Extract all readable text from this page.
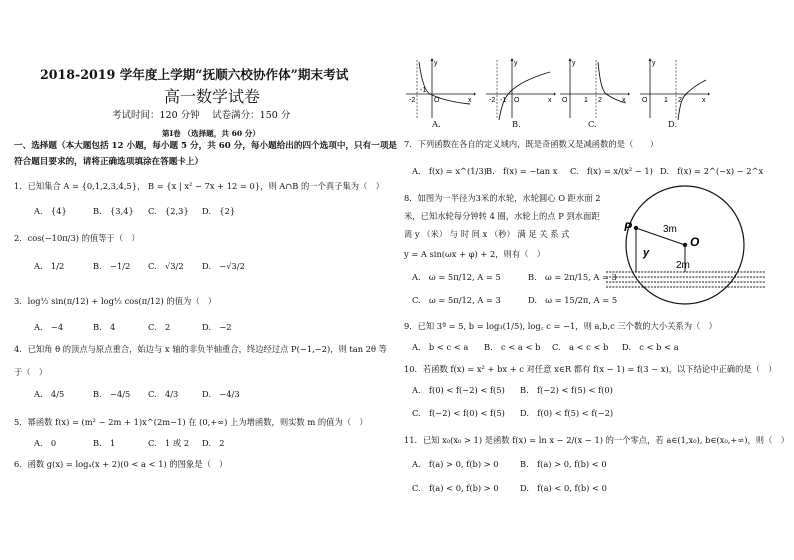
2018-2019 学年度上学期“抚顺六校协作体”期末考试
高一数学试卷
考试时间：120 分钟　 试卷满分：150 分
第Ⅰ卷 （选择题，共 60 分）
一、选择题（本大题包括 12 小题，每小题 5 分，共 60 分，每小题给出的四个选项中，只有一项是
符合题目要求的，请将正确选项填涂在答题卡上）
1．已知集合 A = {0,1,2,3,4,5}， B = {x | x² − 7x + 12 = 0}，则 A∩B 的一个真子集为（　）
A.　{4}	B.　{3,4} C.　{2,3} D.　{2}
2．cos(−10π/3) 的值等于（　）
A.　1/2	B.　−1/2 C.　√3/2 D.　−√3/2
3．log½ sin(π/12) + log½ cos(π/12) 的值为（　）
A.　−4	B.　4	C.　2	D.　−2
4．已知角 θ 的顶点与原点重合，始边与 x 轴的非负半轴重合，终边经过点 P(−1,−2)，则 tan 2θ 等
于（　）
A.　4/5	B.　−4/5 C.　4/3	D.　−4/3
5．幂函数 f(x) = (m² − 2m + 1)x^(2m−1) 在 (0,+∞) 上为增函数，则实数 m 的值为（　）
A.　0	B.　1	C.　1 或 2 D.　2
6．函数 g(x) = logₐ(x + 2)(0 < a < 1) 的图象是（　）
y
-2
-1
O	x
A.
y
-2 -1 O	x
B.
y
O 1 2	x
C.
y
O 1 2	x
D.
7．下列函数在各自的定义域内，既是奇函数又是减函数的是（　　）
A.　f(x) = x^(1/3) B.　f(x) = −tan x C.　f(x) = x/(x² − 1) D.　f(x) = 2^(−x) − 2^x
8．如图为一半径为3米的水轮，水轮圆心 O 距水面 2
米，已知水轮每分钟转 4 圈，水轮上的点 P 到水面距
离 y （米） 与 时 间 x （秒） 满 足 关 系 式
y = A sin(ωx + φ) + 2，则有（　）
A.　ω = 5π/12, A = 5	B.　ω = 2π/15, A = 3
C.　ω = 5π/12, A = 3	D.　ω = 15/2π, A = 5
P
O
3m
y
2m
9．已知 3ª = 5, b = log₃(1/5), log꜀ c = −1，则 a,b,c 三个数的大小关系为（　）
A.　b < c < a B.　c < a < b C.　a < c < b D.　c < b < a
10．若函数 f(x) = x² + bx + c 对任意 x∈R 都有 f(x − 1) = f(3 − x)，以下结论中正确的是（　）
A.　f(0) < f(−2) < f(5) B.　f(−2) < f(5) < f(0)
C.　f(−2) < f(0) < f(5) D.　f(0) < f(5) < f(−2)
11．已知 x₀(x₀ > 1) 是函数 f(x) = ln x − 2/(x − 1) 的一个零点，若 a∈(1,x₀), b∈(x₀,+∞)，则（　）
A.　f(a) > 0, f(b) > 0	B.　f(a) > 0, f(b) < 0
C.　f(a) < 0, f(b) > 0	D.　f(a) < 0, f(b) < 0
